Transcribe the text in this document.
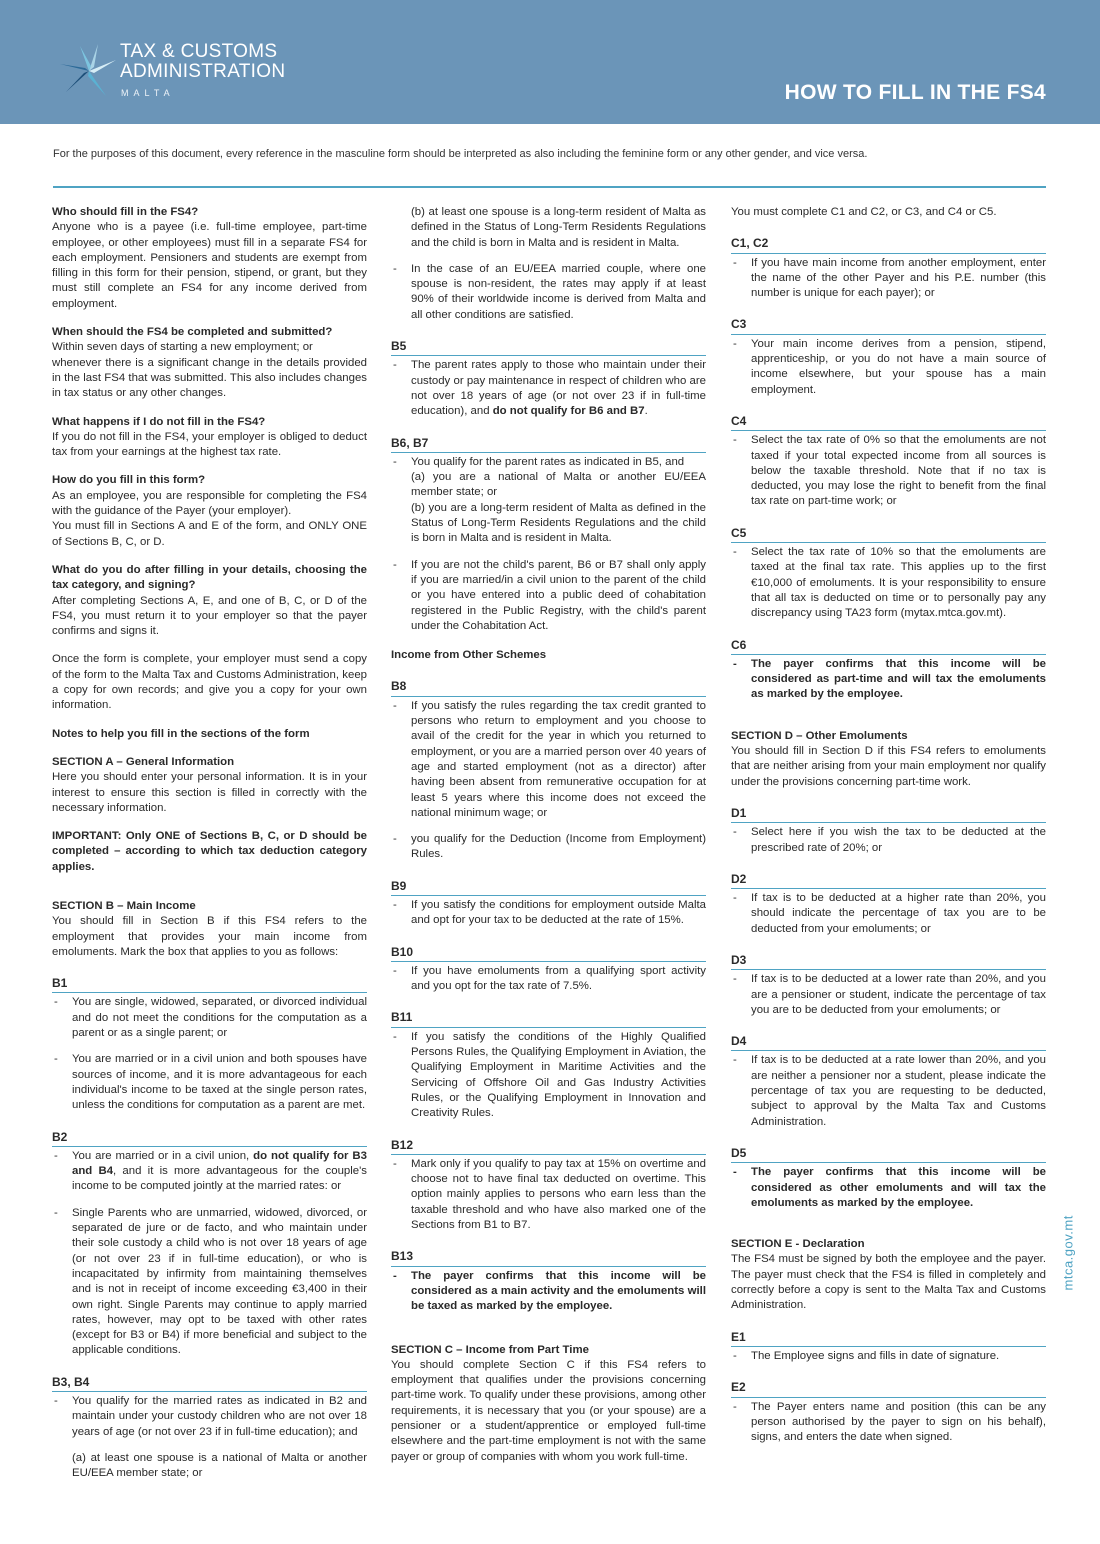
TAX & CUSTOMS
ADMINISTRATION
MALTA	HOW TO FILL IN THE FS4
For the purposes of this document, every reference in the masculine form should be interpreted as also including the feminine form or any other gender, and vice versa.
Who should fill in the FS4?
Anyone who is a payee (i.e. full-time employee, part-time employee, or other employees) must fill in a separate FS4 for each employment. Pensioners and students are exempt from filling in this form for their pension, stipend, or grant, but they must still complete an FS4 for any income derived from employment.
When should the FS4 be completed and submitted?
Within seven days of starting a new employment; or
whenever there is a significant change in the details provided in the last FS4 that was submitted. This also includes changes in tax status or any other changes.
What happens if I do not fill in the FS4?
If you do not fill in the FS4, your employer is obliged to deduct tax from your earnings at the highest tax rate.
How do you fill in this form?
As an employee, you are responsible for completing the FS4 with the guidance of the Payer (your employer).
You must fill in Sections A and E of the form, and ONLY ONE of Sections B, C, or D.
What do you do after filling in your details, choosing the tax category, and signing?
After completing Sections A, E, and one of B, C, or D of the FS4, you must return it to your employer so that the payer confirms and signs it.
Once the form is complete, your employer must send a copy of the form to the Malta Tax and Customs Administration, keep a copy for own records; and give you a copy for your own information.
Notes to help you fill in the sections of the form
SECTION A – General Information
Here you should enter your personal information. It is in your interest to ensure this section is filled in correctly with the necessary information.
IMPORTANT: Only ONE of Sections B, C, or D should be completed – according to which tax deduction category applies.
SECTION B – Main Income
You should fill in Section B if this FS4 refers to the employment that provides your main income from emoluments. Mark the box that applies to you as follows:
B1
- You are single, widowed, separated, or divorced individual and do not meet the conditions for the computation as a parent or as a single parent; or
- You are married or in a civil union and both spouses have sources of income, and it is more advantageous for each individual's income to be taxed at the single person rates, unless the conditions for computation as a parent are met.
B2
- You are married or in a civil union, do not qualify for B3 and B4, and it is more advantageous for the couple's income to be computed jointly at the married rates: or
- Single Parents who are unmarried, widowed, divorced, or separated de jure or de facto, and who maintain under their sole custody a child who is not over 18 years of age (or not over 23 if in full-time education), or who is incapacitated by infirmity from maintaining themselves and is not in receipt of income exceeding €3,400 in their own right. Single Parents may continue to apply married rates, however, may opt to be taxed with other rates (except for B3 or B4) if more beneficial and subject to the applicable conditions.
B3, B4
- You qualify for the married rates as indicated in B2 and maintain under your custody children who are not over 18 years of age (or not over 23 if in full-time education); and
(a) at least one spouse is a national of Malta or another EU/EEA member state; or
(b) at least one spouse is a long-term resident of Malta as defined in the Status of Long-Term Residents Regulations and the child is born in Malta and is resident in Malta.
- In the case of an EU/EEA married couple, where one spouse is non-resident, the rates may apply if at least 90% of their worldwide income is derived from Malta and all other conditions are satisfied.
B5
- The parent rates apply to those who maintain under their custody or pay maintenance in respect of children who are not over 18 years of age (or not over 23 if in full-time education), and do not qualify for B6 and B7.
B6, B7
- You qualify for the parent rates as indicated in B5, and
(a) you are a national of Malta or another EU/EEA member state; or
(b) you are a long-term resident of Malta as defined in the Status of Long-Term Residents Regulations and the child is born in Malta and is resident in Malta.
- If you are not the child's parent, B6 or B7 shall only apply if you are married/in a civil union to the parent of the child or you have entered into a public deed of cohabitation registered in the Public Registry, with the child's parent under the Cohabitation Act.
Income from Other Schemes
B8
- If you satisfy the rules regarding the tax credit granted to persons who return to employment and you choose to avail of the credit for the year in which you returned to employment, or you are a married person over 40 years of age and started employment (not as a director) after having been absent from remunerative occupation for at least 5 years where this income does not exceed the national minimum wage; or
- you qualify for the Deduction (Income from Employment) Rules.
B9
- If you satisfy the conditions for employment outside Malta and opt for your tax to be deducted at the rate of 15%.
B10
- If you have emoluments from a qualifying sport activity and you opt for the tax rate of 7.5%.
B11
- If you satisfy the conditions of the Highly Qualified Persons Rules, the Qualifying Employment in Aviation, the Qualifying Employment in Maritime Activities and the Servicing of Offshore Oil and Gas Industry Activities Rules, or the Qualifying Employment in Innovation and Creativity Rules.
B12
- Mark only if you qualify to pay tax at 15% on overtime and choose not to have final tax deducted on overtime. This option mainly applies to persons who earn less than the taxable threshold and who have also marked one of the Sections from B1 to B7.
B13
- The payer confirms that this income will be considered as a main activity and the emoluments will be taxed as marked by the employee.
SECTION C – Income from Part Time
You should complete Section C if this FS4 refers to employment that qualifies under the provisions concerning part-time work. To qualify under these provisions, among other requirements, it is necessary that you (or your spouse) are a pensioner or a student/apprentice or employed full-time elsewhere and the part-time employment is not with the same payer or group of companies with whom you work full-time.
You must complete C1 and C2, or C3, and C4 or C5.
C1, C2
- If you have main income from another employment, enter the name of the other Payer and his P.E. number (this number is unique for each payer); or
C3
- Your main income derives from a pension, stipend, apprenticeship, or you do not have a main source of income elsewhere, but your spouse has a main employment.
C4
- Select the tax rate of 0% so that the emoluments are not taxed if your total expected income from all sources is below the taxable threshold. Note that if no tax is deducted, you may lose the right to benefit from the final tax rate on part-time work; or
C5
- Select the tax rate of 10% so that the emoluments are taxed at the final tax rate. This applies up to the first €10,000 of emoluments. It is your responsibility to ensure that all tax is deducted on time or to personally pay any discrepancy using TA23 form (mytax.mtca.gov.mt).
C6
- The payer confirms that this income will be considered as part-time and will tax the emoluments as marked by the employee.
SECTION D – Other Emoluments
You should fill in Section D if this FS4 refers to emoluments that are neither arising from your main employment nor qualify under the provisions concerning part-time work.
D1
- Select here if you wish the tax to be deducted at the prescribed rate of 20%; or
D2
- If tax is to be deducted at a higher rate than 20%, you should indicate the percentage of tax you are to be deducted from your emoluments; or
D3
- If tax is to be deducted at a lower rate than 20%, and you are a pensioner or student, indicate the percentage of tax you are to be deducted from your emoluments; or
D4
- If tax is to be deducted at a rate lower than 20%, and you are neither a pensioner nor a student, please indicate the percentage of tax you are requesting to be deducted, subject to approval by the Malta Tax and Customs Administration.
D5
- The payer confirms that this income will be considered as other emoluments and will tax the emoluments as marked by the employee.
SECTION E - Declaration
The FS4 must be signed by both the employee and the payer. The payer must check that the FS4 is filled in completely and correctly before a copy is sent to the Malta Tax and Customs Administration.
E1
- The Employee signs and fills in date of signature.
E2
- The Payer enters name and position (this can be any person authorised by the payer to sign on his behalf), signs, and enters the date when signed.
mtca.gov.mt
